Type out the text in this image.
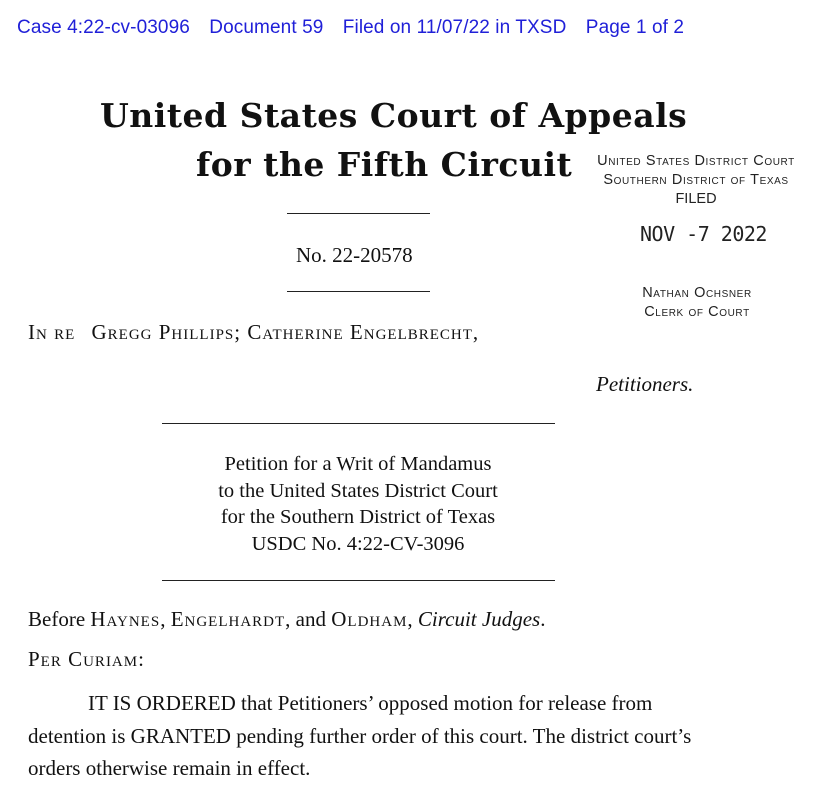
Case 4:22-cv-03096 Document 59 Filed on 11/07/22 in TXSD Page 1 of 2
United States Court of Appeals
for the Fifth Circuit	United States District Court
Southern District of Texas
FILED
NOV -7 2022
Nathan Ochsner
Clerk of Court
No. 22-20578
In re Gregg Phillips; Catherine Engelbrecht,
Petitioners.
Petition for a Writ of Mandamus
to the United States District Court
for the Southern District of Texas
USDC No. 4:22-CV-3096
Before Haynes, Engelhardt, and Oldham, Circuit Judges.
Per Curiam:
IT IS ORDERED that Petitioners’ opposed motion for release from detention is GRANTED pending further order of this court. The district court’s orders otherwise remain in effect.
